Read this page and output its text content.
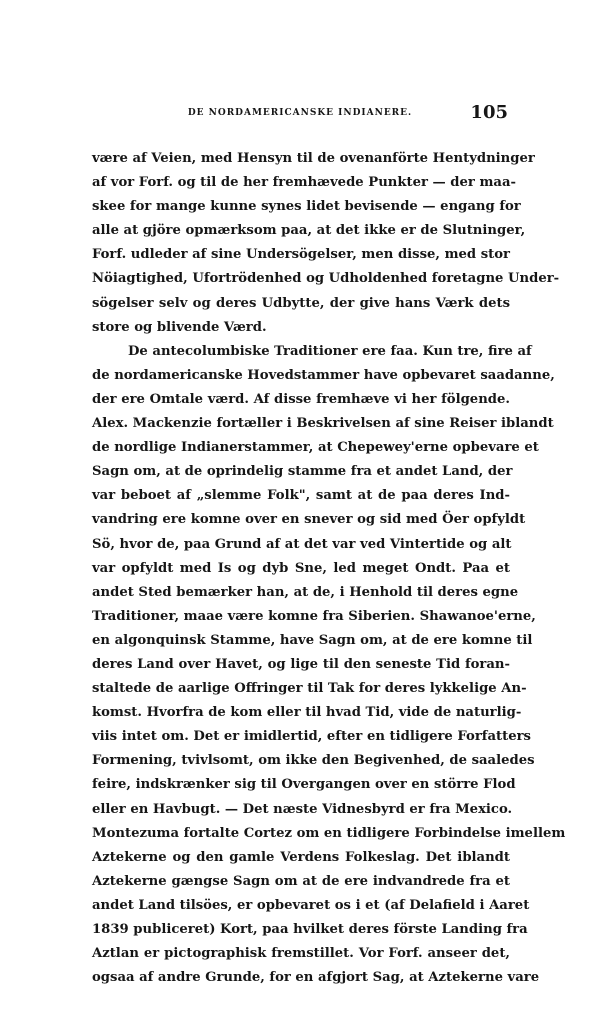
DE NORDAMERICANSKE INDIANERE.	105
være af Veien, med Hensyn til de ovenanförte Hentydninger
af vor Forf. og til de her fremhævede Punkter — der maa-
skee for mange kunne synes lidet bevisende — engang for
alle at gjöre opmærksom paa, at det ikke er de Slutninger,
Forf. udleder af sine Undersögelser, men disse, med stor
Nöiagtighed, Ufortrödenhed og Udholdenhed foretagne Under-
sögelser selv og deres Udbytte, der give hans Værk dets
store og blivende Værd.
De antecolumbiske Traditioner ere faa. Kun tre, fire af
de nordamericanske Hovedstammer have opbevaret saadanne,
der ere Omtale værd. Af disse fremhæve vi her fölgende.
Alex. Mackenzie fortæller i Beskrivelsen af sine Reiser iblandt
de nordlige Indianerstammer, at Chepewey'erne opbevare et
Sagn om, at de oprindelig stamme fra et andet Land, der
var beboet af „slemme Folk", samt at de paa deres Ind-
vandring ere komne over en snever og sid med Öer opfyldt
Sö, hvor de, paa Grund af at det var ved Vintertide og alt
var opfyldt med Is og dyb Sne, led meget Ondt. Paa et
andet Sted bemærker han, at de, i Henhold til deres egne
Traditioner, maae være komne fra Siberien. Shawanoe'erne,
en algonquinsk Stamme, have Sagn om, at de ere komne til
deres Land over Havet, og lige til den seneste Tid foran-
staltede de aarlige Offringer til Tak for deres lykkelige An-
komst. Hvorfra de kom eller til hvad Tid, vide de naturlig-
viis intet om. Det er imidlertid, efter en tidligere Forfatters
Formening, tvivlsomt, om ikke den Begivenhed, de saaledes
feire, indskrænker sig til Overgangen over en större Flod
eller en Havbugt. — Det næste Vidnesbyrd er fra Mexico.
Montezuma fortalte Cortez om en tidligere Forbindelse imellem
Aztekerne og den gamle Verdens Folkeslag. Det iblandt
Aztekerne gængse Sagn om at de ere indvandrede fra et
andet Land tilsöes, er opbevaret os i et (af Delafield i Aaret
1839 publiceret) Kort, paa hvilket deres förste Landing fra
Aztlan er pictographisk fremstillet. Vor Forf. anseer det,
ogsaa af andre Grunde, for en afgjort Sag, at Aztekerne vare
